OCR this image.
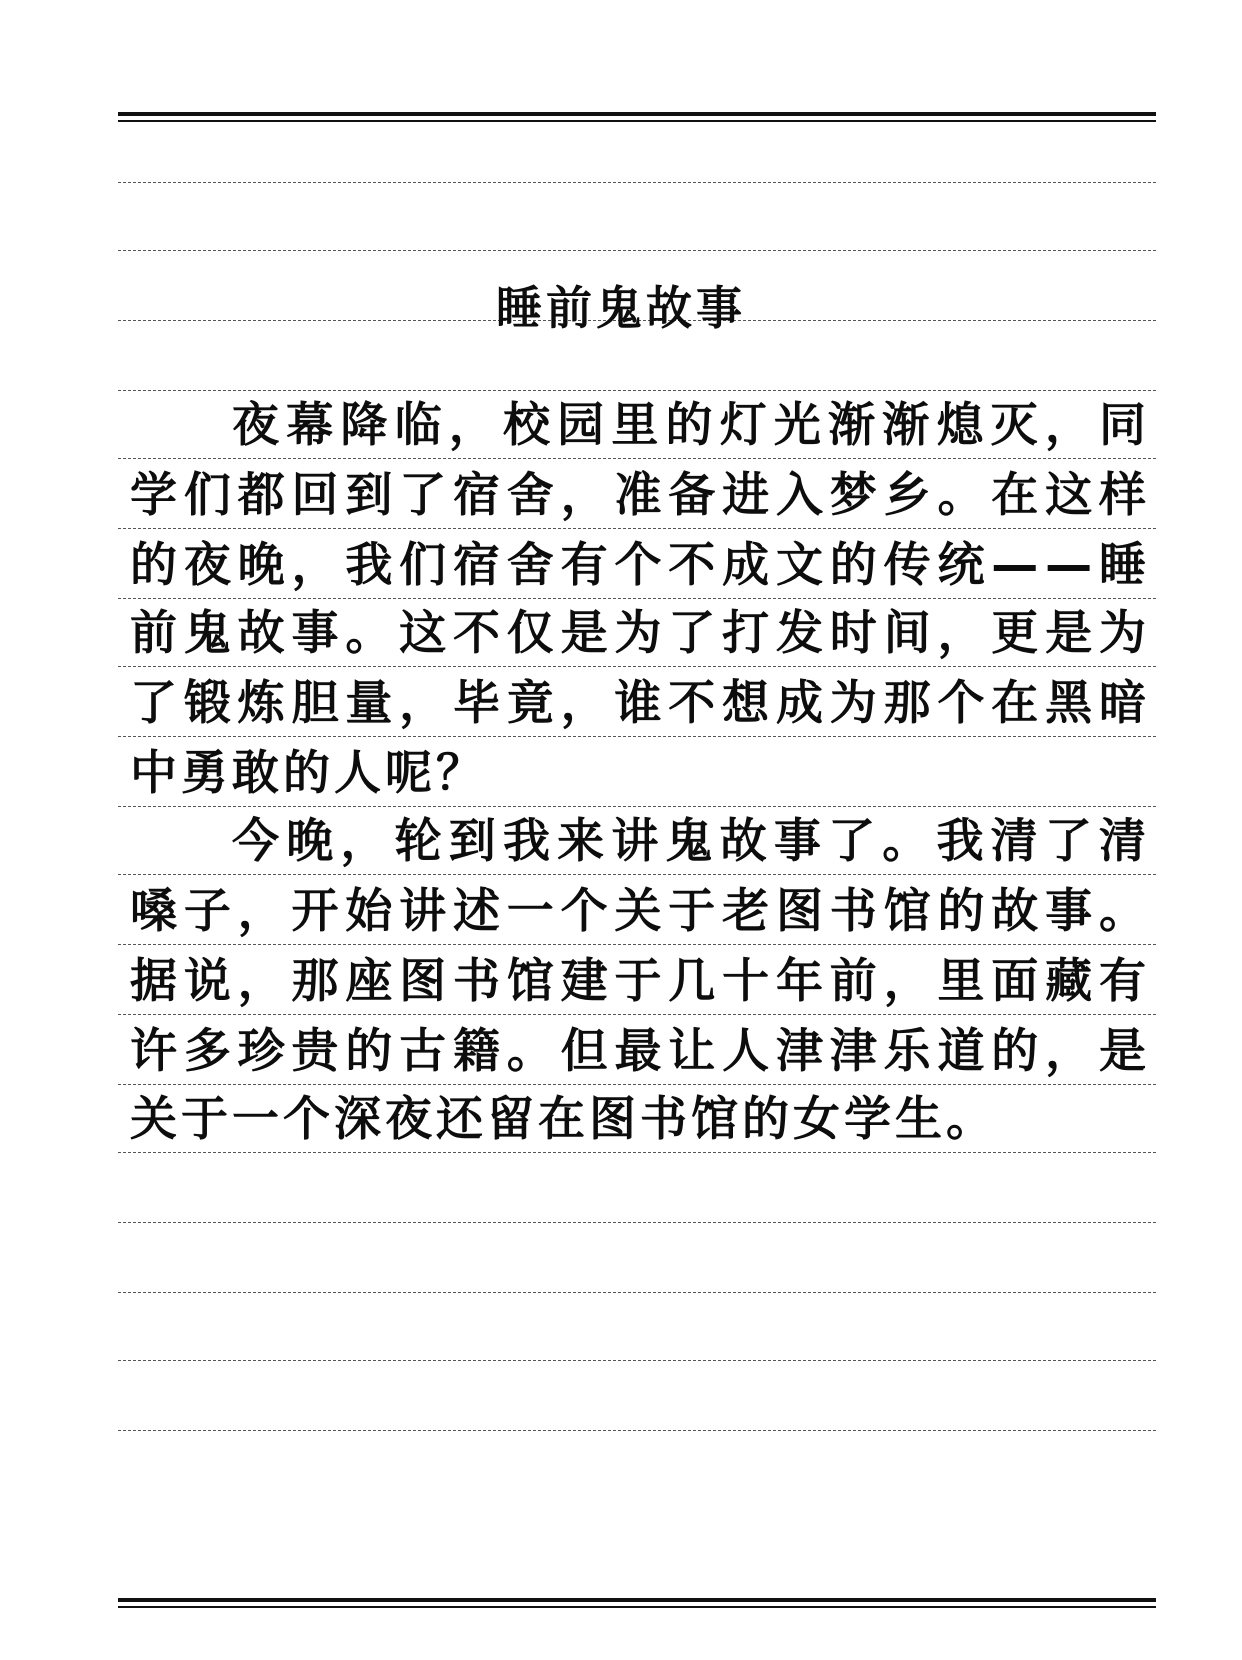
睡前鬼故事
夜幕降临，校园里的灯光渐渐熄灭，同
学们都回到了宿舍，准备进入梦乡。在这样
的夜晚，我们宿舍有个不成文的传统——睡
前鬼故事。这不仅是为了打发时间，更是为
了锻炼胆量，毕竟，谁不想成为那个在黑暗
中勇敢的人呢？
今晚，轮到我来讲鬼故事了。我清了清
嗓子，开始讲述一个关于老图书馆的故事。
据说，那座图书馆建于几十年前，里面藏有
许多珍贵的古籍。但最让人津津乐道的，是
关于一个深夜还留在图书馆的女学生。
